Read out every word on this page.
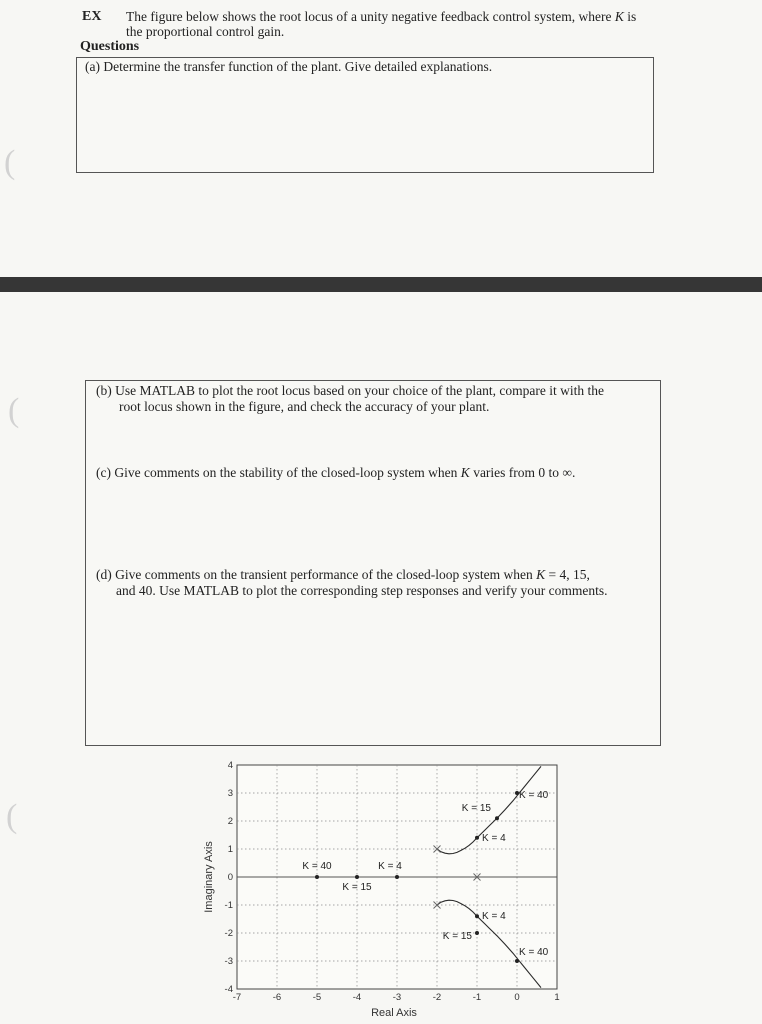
EX The figure below shows the root locus of a unity negative feedback control system, where K is
the proportional control gain.
Questions
(a) Determine the transfer function of the plant. Give detailed explanations.
(
(
(
(b) Use MATLAB to plot the root locus based on your choice of the plant, compare it with the
root locus shown in the figure, and check the accuracy of your plant.
(c) Give comments on the stability of the closed-loop system when K varies from 0 to ∞.
(d) Give comments on the transient performance of the closed-loop system when K = 4, 15,
and 40. Use MATLAB to plot the corresponding step responses and verify your comments.
-7	-6	-5	-4	-3	-2	-1	0	1
4
3
2
1
0
-1
-2
-3
-4
K = 40
K = 15
K = 4
K = 4
K = 15
K = 40
K = 4
K = 15
K = 40
Real Axis
Imaginary Axis
